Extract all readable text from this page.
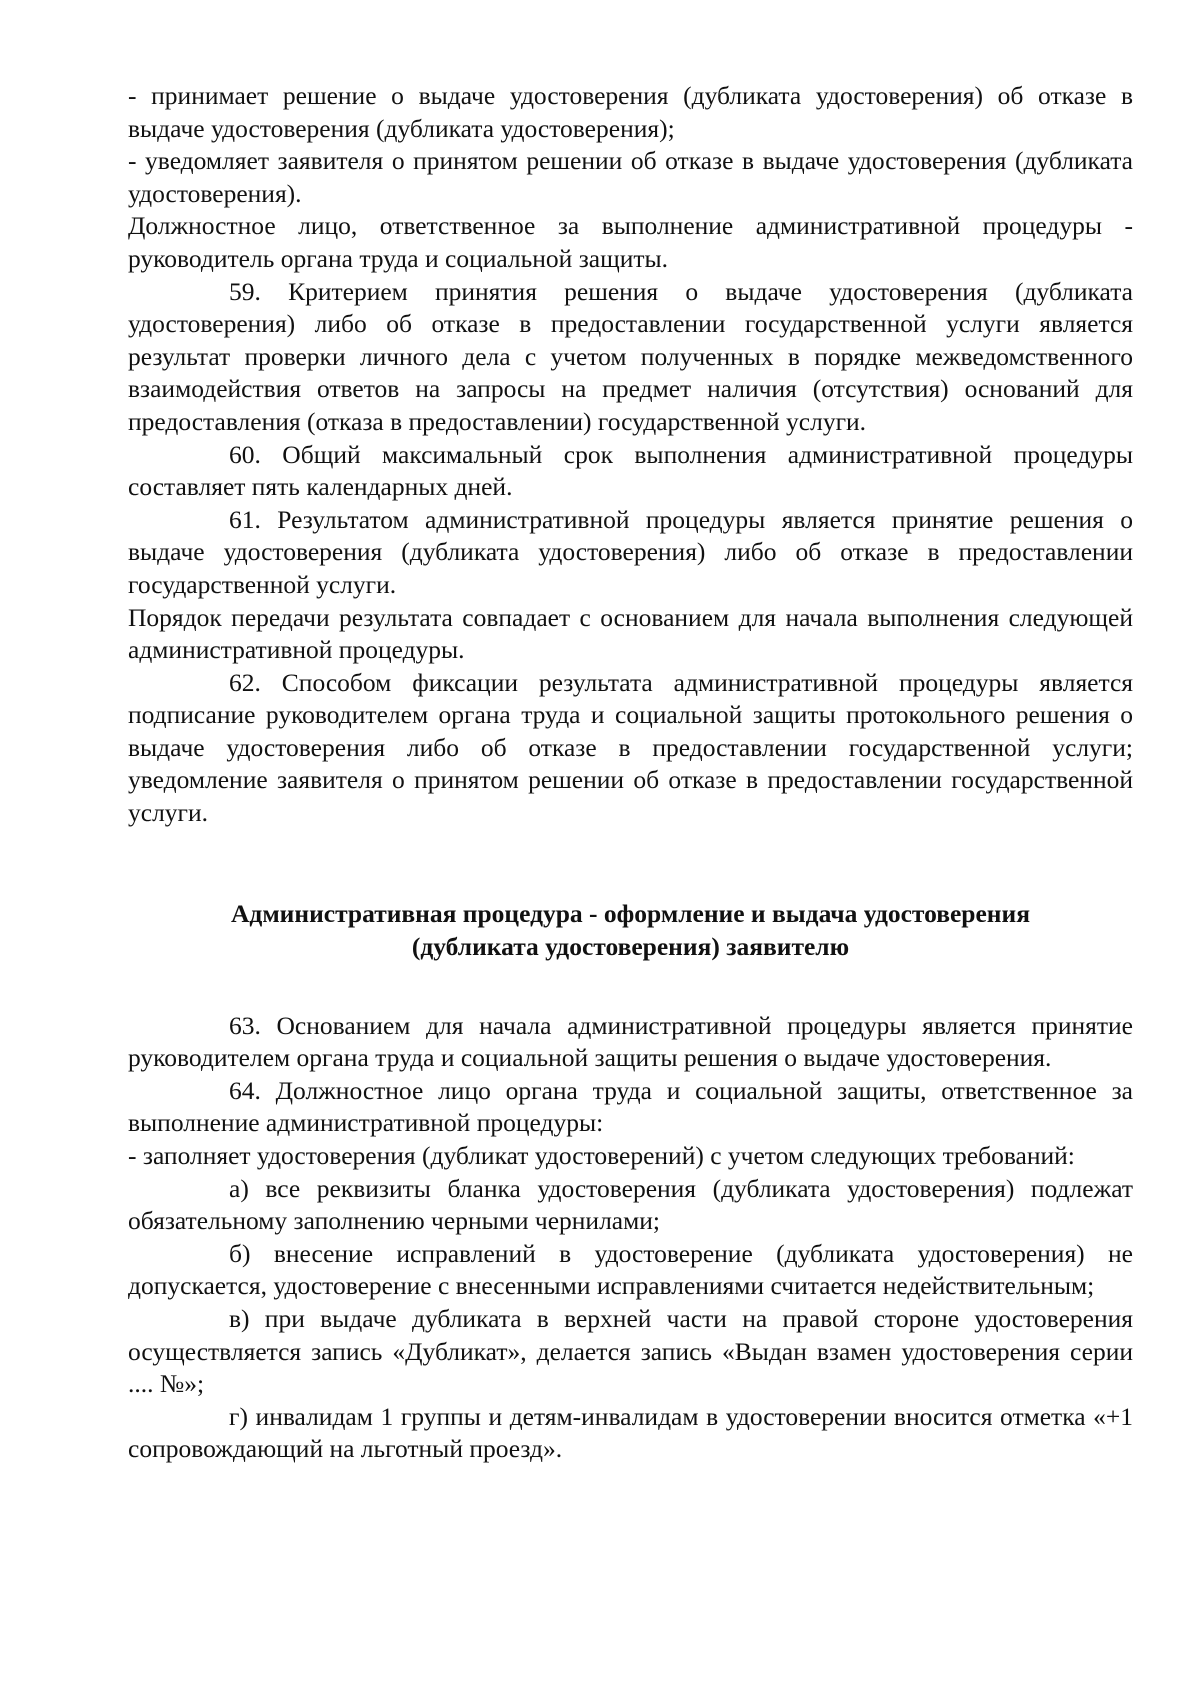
- принимает решение о выдаче удостоверения (дубликата удостоверения) об отказе в выдаче удостоверения (дубликата удостоверения);

- уведомляет заявителя о принятом решении об отказе в выдаче удостоверения (дубликата удостоверения).

Должностное лицо, ответственное за выполнение административной процедуры - руководитель органа труда и социальной защиты.

59. Критерием принятия решения о выдаче удостоверения (дубликата удостоверения) либо об отказе в предоставлении государственной услуги является результат проверки личного дела с учетом полученных в порядке межведомственного взаимодействия ответов на запросы на предмет наличия (отсутствия) оснований для предоставления (отказа в предоставлении) государственной услуги.

60. Общий максимальный срок выполнения административной процедуры составляет пять календарных дней.

61. Результатом административной процедуры является принятие решения о выдаче удостоверения (дубликата удостоверения) либо об отказе в предоставлении государственной услуги.

Порядок передачи результата совпадает с основанием для начала выполнения следующей административной процедуры.

62. Способом фиксации результата административной процедуры является подписание руководителем органа труда и социальной защиты протокольного решения о выдаче удостоверения либо об отказе в предоставлении государственной услуги; уведомление заявителя о принятом решении об отказе в предоставлении государственной услуги.

Административная процедура - оформление и выдача удостоверения

(дубликата удостоверения) заявителю

63. Основанием для начала административной процедуры является принятие руководителем органа труда и социальной защиты решения о выдаче удостоверения.

64. Должностное лицо органа труда и социальной защиты, ответственное за выполнение административной процедуры:

- заполняет удостоверения (дубликат удостоверений) с учетом следующих требований:

а) все реквизиты бланка удостоверения (дубликата удостоверения) подлежат обязательному заполнению черными чернилами;

б) внесение исправлений в удостоверение (дубликата удостоверения) не допускается, удостоверение с внесенными исправлениями считается недействительным;

в) при выдаче дубликата в верхней части на правой стороне удостоверения осуществляется запись «Дубликат», делается запись «Выдан взамен удостоверения серии .... №»;

г) инвалидам 1 группы и детям-инвалидам в удостоверении вносится отметка «+1 сопровождающий на льготный проезд».
